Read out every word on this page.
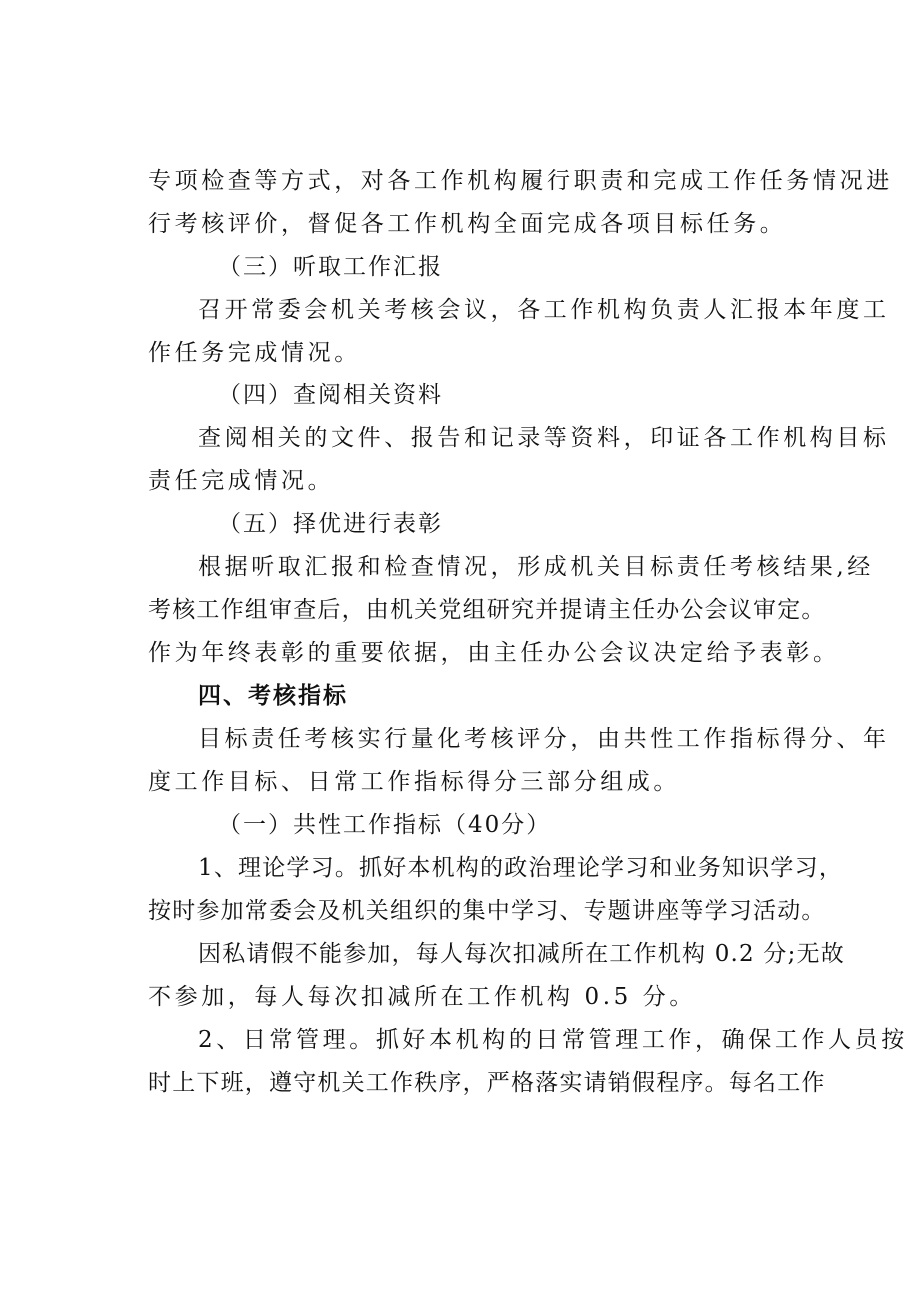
专项检查等方式，对各工作机构履行职责和完成工作任务情况进
行考核评价，督促各工作机构全面完成各项目标任务。
（三）听取工作汇报
召开常委会机关考核会议，各工作机构负责人汇报本年度工
作任务完成情况。
（四）查阅相关资料
查阅相关的文件、报告和记录等资料，印证各工作机构目标
责任完成情况。
（五）择优进行表彰
根据听取汇报和检查情况，形成机关目标责任考核结果,经
考核工作组审查后，由机关党组研究并提请主任办公会议审定。
作为年终表彰的重要依据，由主任办公会议决定给予表彰。
四、考核指标
目标责任考核实行量化考核评分，由共性工作指标得分、年
度工作目标、日常工作指标得分三部分组成。
（一）共性工作指标（40分）
1、理论学习。抓好本机构的政治理论学习和业务知识学习，
按时参加常委会及机关组织的集中学习、专题讲座等学习活动。
因私请假不能参加，每人每次扣减所在工作机构 0.2 分;无故
不参加，每人每次扣减所在工作机构 0.5 分。
2、日常管理。抓好本机构的日常管理工作，确保工作人员按
时上下班，遵守机关工作秩序，严格落实请销假程序。每名工作
